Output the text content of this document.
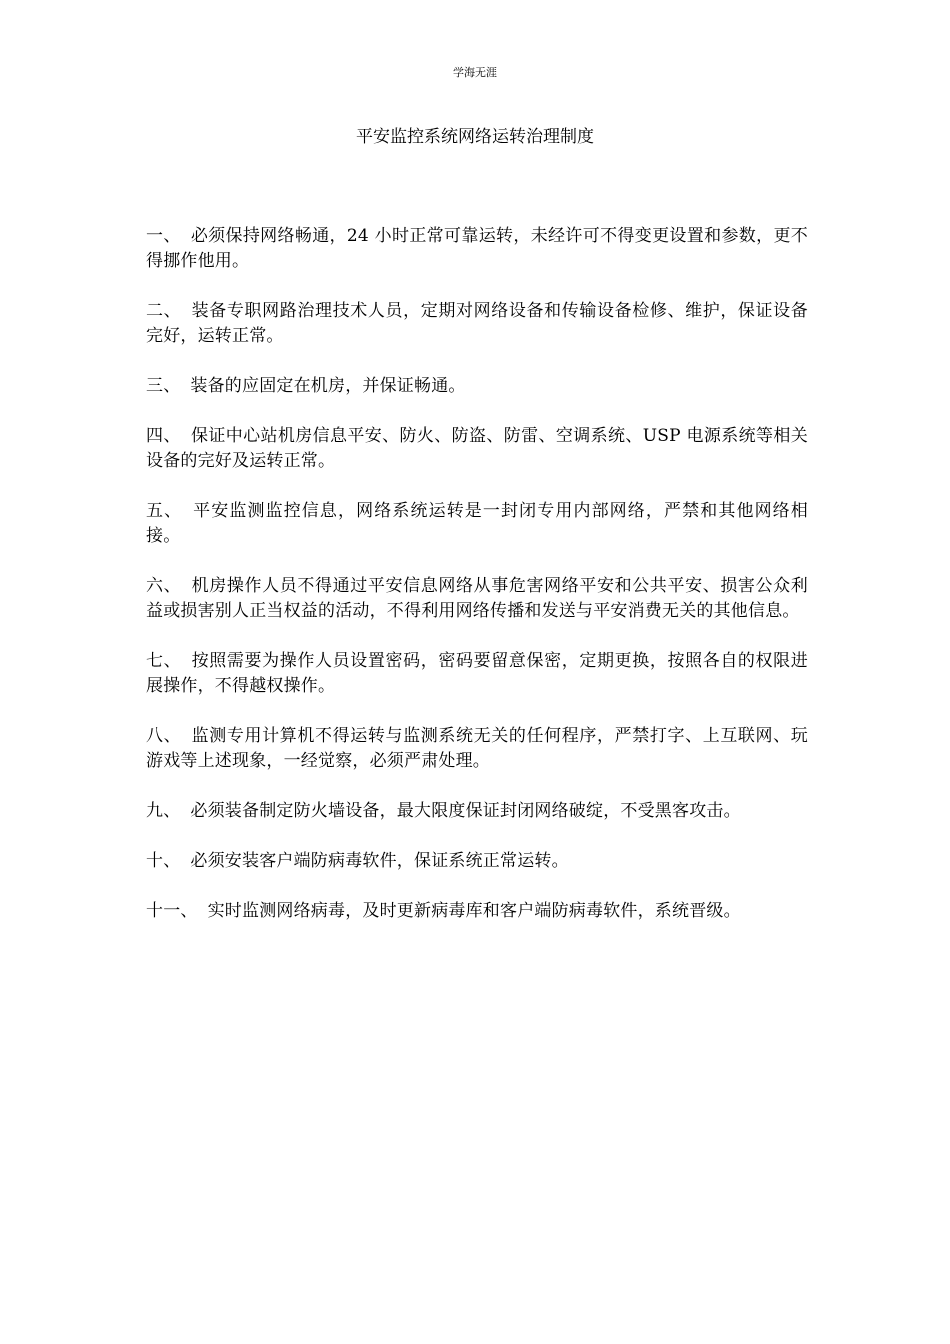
学海无涯
平安监控系统网络运转治理制度

一、 必须保持网络畅通，24 小时正常可靠运转，未经许可不得变更设置和参数，更不得挪作他用。

二、 装备专职网路治理技术人员，定期对网络设备和传输设备检修、维护，保证设备完好，运转正常。

三、 装备的应固定在机房，并保证畅通。

四、 保证中心站机房信息平安、防火、防盗、防雷、空调系统、USP 电源系统等相关设备的完好及运转正常。

五、 平安监测监控信息，网络系统运转是一封闭专用内部网络，严禁和其他网络相接。

六、 机房操作人员不得通过平安信息网络从事危害网络平安和公共平安、损害公众利益或损害别人正当权益的活动，不得利用网络传播和发送与平安消费无关的其他信息。

七、 按照需要为操作人员设置密码，密码要留意保密，定期更换，按照各自的权限进展操作，不得越权操作。

八、 监测专用计算机不得运转与监测系统无关的任何程序，严禁打字、上互联网、玩游戏等上述现象，一经觉察，必须严肃处理。

九、 必须装备制定防火墙设备，最大限度保证封闭网络破绽，不受黑客攻击。

十、 必须安装客户端防病毒软件，保证系统正常运转。

十一、 实时监测网络病毒，及时更新病毒库和客户端防病毒软件，系统晋级。
